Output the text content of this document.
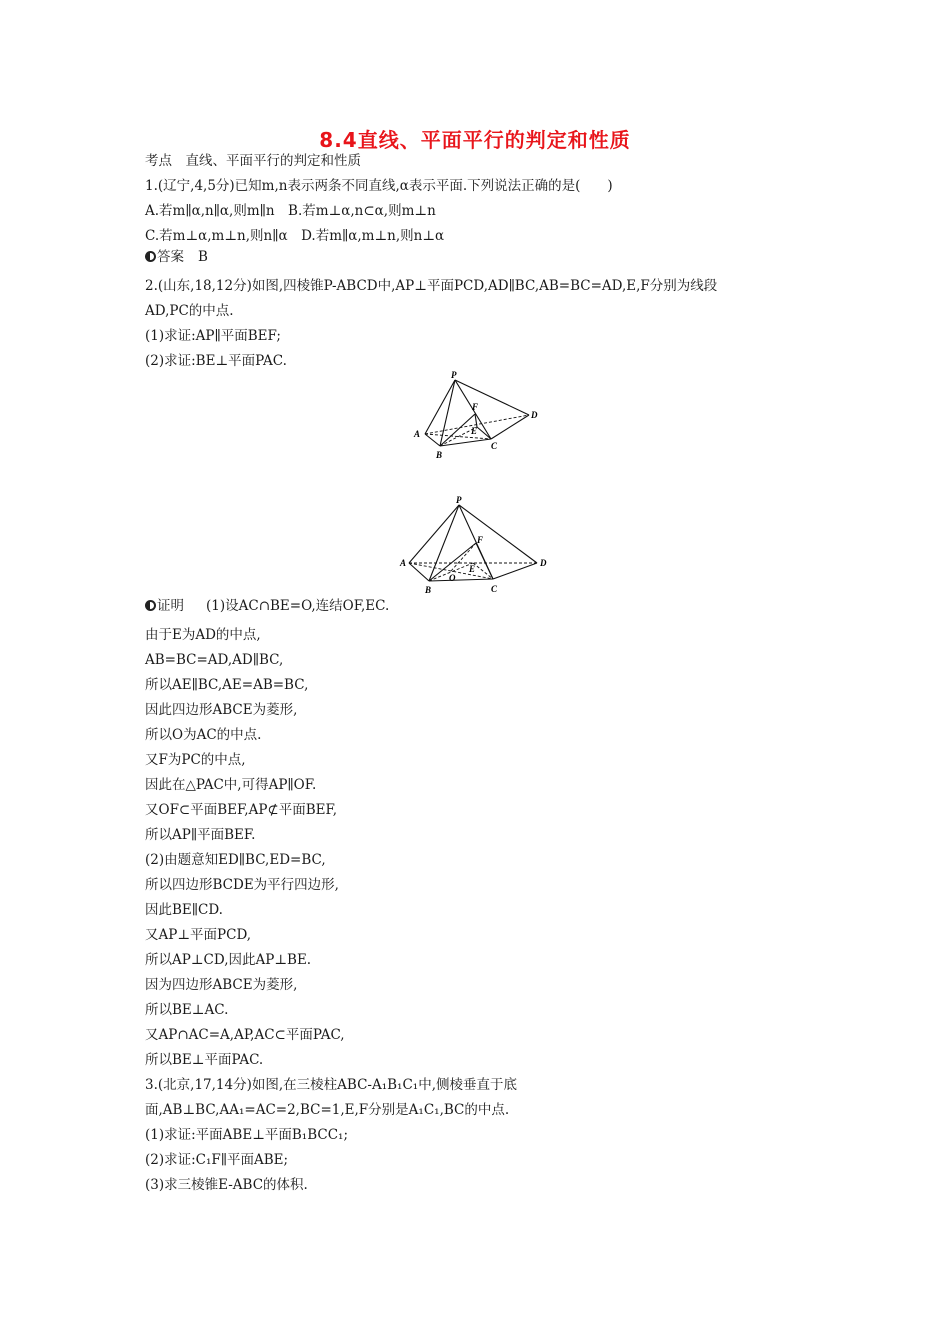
8.4直线、平面平行的判定和性质
考点　直线、平面平行的判定和性质
1.(辽宁,4,5分)已知m,n表示两条不同直线,α表示平面.下列说法正确的是(　　)
A.若m∥α,n∥α,则m∥n　B.若m⊥α,n⊂α,则m⊥n
C.若m⊥α,m⊥n,则n∥α　D.若m∥α,m⊥n,则n⊥α
答案 B
2.(山东,18,12分)如图,四棱锥P-ABCD中,AP⊥平面PCD,AD∥BC,AB=BC=AD,E,F分别为线段
AD,PC的中点.
(1)求证:AP∥平面BEF;
(2)求证:BE⊥平面PAC.
P
A
B
C
D
F
E
P
A
B	C
D
F
E
O
证明 (1)设AC∩BE=O,连结OF,EC.
由于E为AD的中点,
AB=BC=AD,AD∥BC,
所以AE∥BC,AE=AB=BC,
因此四边形ABCE为菱形,
所以O为AC的中点.
又F为PC的中点,
因此在△PAC中,可得AP∥OF.
又OF⊂平面BEF,AP⊄平面BEF,
所以AP∥平面BEF.
(2)由题意知ED∥BC,ED=BC,
所以四边形BCDE为平行四边形,
因此BE∥CD.
又AP⊥平面PCD,
所以AP⊥CD,因此AP⊥BE.
因为四边形ABCE为菱形,
所以BE⊥AC.
又AP∩AC=A,AP,AC⊂平面PAC,
所以BE⊥平面PAC.
3.(北京,17,14分)如图,在三棱柱ABC-A₁B₁C₁中,侧棱垂直于底
面,AB⊥BC,AA₁=AC=2,BC=1,E,F分别是A₁C₁,BC的中点.
(1)求证:平面ABE⊥平面B₁BCC₁;
(2)求证:C₁F∥平面ABE;
(3)求三棱锥E-ABC的体积.
